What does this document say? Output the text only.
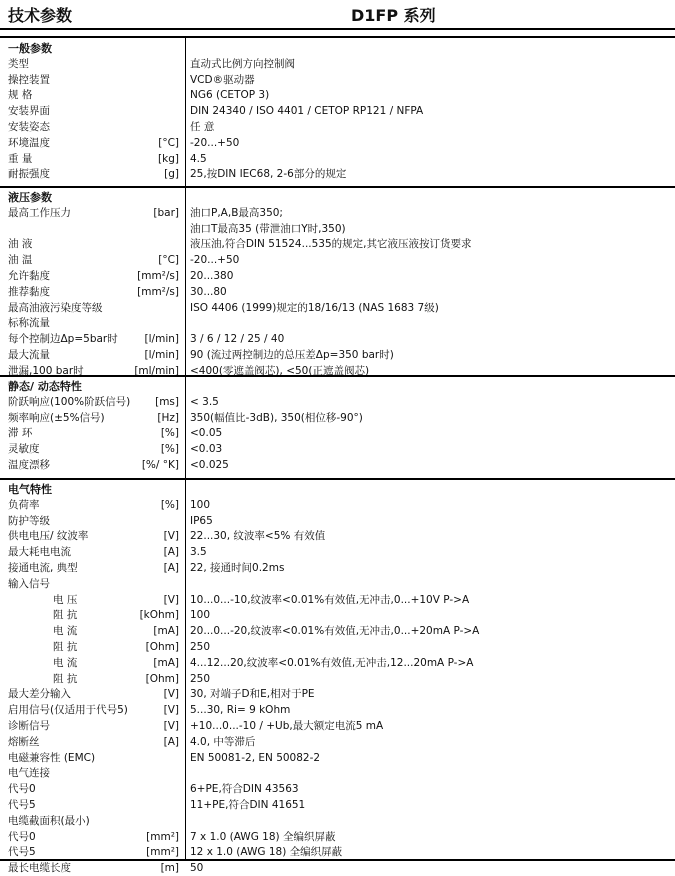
技术参数	D1FP 系列
一般参数
类型	直动式比例方向控制阀
操控装置	VCD®驱动器
规 格	NG6 (CETOP 3)
安装界面	DIN 24340 / ISO 4401 / CETOP RP121 / NFPA
安装姿态	任 意
环境温度	[°C] -20...+50
重 量	[kg] 4.5
耐振强度	[g] 25,按DIN IEC68, 2-6部分的规定
液压参数
最高工作压力	[bar] 油口P,A,B最高350;
油口T最高35 (带泄油口Y时,350)
油 液	液压油,符合DIN 51524...535的规定,其它液压液按订货要求
油 温	[°C] -20...+50
允许黏度	[mm²/s] 20...380
推荐黏度	[mm²/s] 30...80
最高油液污染度等级	ISO 4406 (1999)规定的18/16/13 (NAS 1683 7级)
标称流量
每个控制边Δp=5bar时	[l/min] 3 / 6 / 12 / 25 / 40
最大流量	[l/min] 90 (流过两控制边的总压差Δp=350 bar时)
泄漏,100 bar时	[ml/min] <400(零遮盖阀芯), <50(正遮盖阀芯)
静态/ 动态特性
阶跃响应(100%阶跃信号) [ms] < 3.5
频率响应(±5%信号)	[Hz] 350(幅值比-3dB), 350(相位移-90°)
滞 环	[%] <0.05
灵敏度	[%] <0.03
温度漂移	[%/ °K] <0.025
电气特性
负荷率	[%] 100
防护等级	IP65
供电电压/ 纹波率	[V] 22...30, 纹波率<5% 有效值
最大耗电电流	[A] 3.5
接通电流, 典型	[A] 22, 接通时间0.2ms
输入信号
电 压	[V] 10...0...-10,纹波率<0.01%有效值,无冲击,0...+10V P->A
阻 抗	[kOhm] 100
电 流	[mA] 20...0...-20,纹波率<0.01%有效值,无冲击,0...+20mA P->A
阻 抗	[Ohm] 250
电 流	[mA] 4...12...20,纹波率<0.01%有效值,无冲击,12...20mA P->A
阻 抗	[Ohm] 250
最大差分输入	[V] 30, 对端子D和E,相对于PE
启用信号(仅适用于代号5)	[V] 5...30, Ri= 9 kOhm
诊断信号	[V] +10...0...-10 / +Ub,最大额定电流5 mA
熔断丝	[A] 4.0, 中等滞后
电磁兼容性 (EMC)	EN 50081-2, EN 50082-2
电气连接
代号0	6+PE,符合DIN 43563
代号5	11+PE,符合DIN 41651
电缆截面积(最小)
代号0	[mm²] 7 x 1.0 (AWG 18) 全编织屏蔽
代号5	[mm²] 12 x 1.0 (AWG 18) 全编织屏蔽
最长电缆长度	[m] 50
